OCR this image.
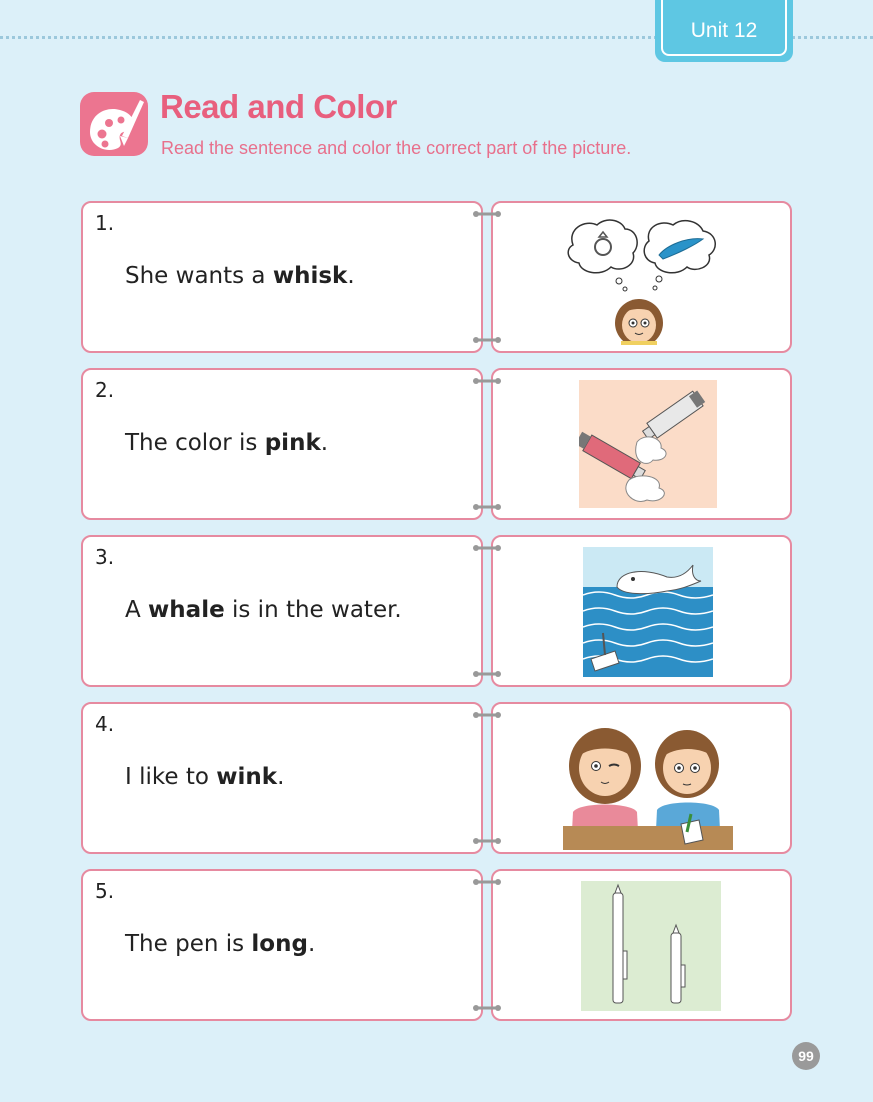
Unit 12
Read and Color

Read the sentence and color the correct part of the picture.

1.
She wants a whisk.
2.
The color is pink.
3.
A whale is in the water.
4.
I like to wink.
5.
The pen is long.
99
